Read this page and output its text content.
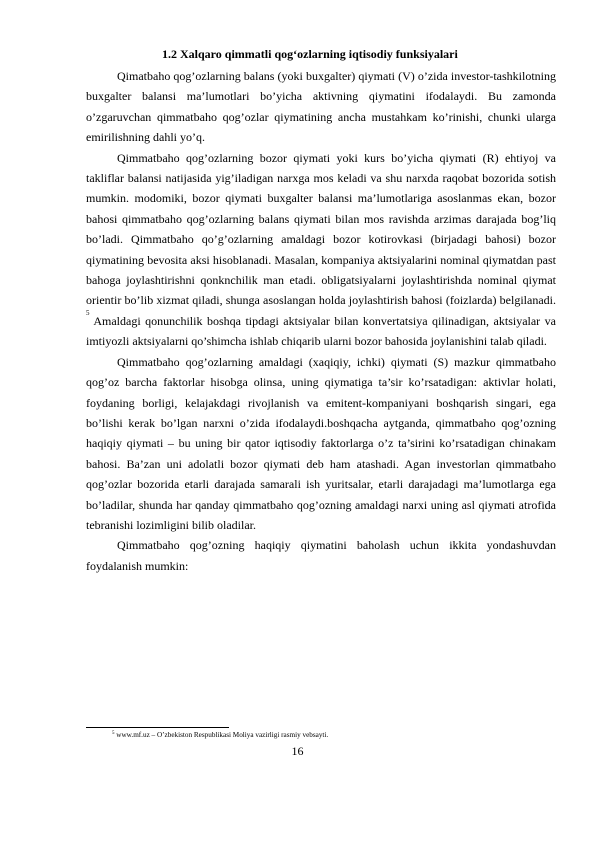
1.2 Xalqaro qimmatli qog‘ozlarning iqtisodiy funksiyalari

Qimatbaho qog’ozlarning balans (yoki buxgalter) qiymati (V) o’zida investor-tashkilotning buxgalter balansi ma’lumotlari bo’yicha aktivning qiymatini ifodalaydi. Bu zamonda o’zgaruvchan qimmatbaho qog’ozlar qiymatining ancha mustahkam ko’rinishi, chunki ularga emirilishning dahli yo’q.

Qimmatbaho qog’ozlarning bozor qiymati yoki kurs bo’yicha qiymati (R) ehtiyoj va takliflar balansi natijasida yig’iladigan narxga mos keladi va shu narxda raqobat bozorida sotish mumkin. modomiki, bozor qiymati buxgalter balansi ma’lumotlariga asoslanmas ekan, bozor bahosi qimmatbaho qog’ozlarning balans qiymati bilan mos ravishda arzimas darajada bog’liq bo’ladi. Qimmatbaho qo’g’ozlarning amaldagi bozor kotirovkasi (birjadagi bahosi) bozor qiymatining bevosita aksi hisoblanadi. Masalan, kompaniya aktsiyalarini nominal qiymatdan past bahoga joylashtirishni qonknchilik man etadi. obligatsiyalarni joylashtirishda nominal qiymat orientir bo’lib xizmat qiladi, shunga asoslangan holda joylashtirish bahosi (foizlarda) belgilanadi. $^5$ Amaldagi qonunchilik boshqa tipdagi aktsiyalar bilan konvertatsiya qilinadigan, aktsiyalar va imtiyozli aktsiyalarni qo’shimcha ishlab chiqarib ularni bozor bahosida joylanishini talab qiladi.

Qimmatbaho qog’ozlarning amaldagi (xaqiqiy, ichki) qiymati (S) mazkur qimmatbaho qog’oz barcha faktorlar hisobga olinsa, uning qiymatiga ta’sir ko’rsatadigan: aktivlar holati, foydaning borligi, kelajakdagi rivojlanish va emitent-kompaniyani boshqarish singari, ega bo’lishi kerak bo’lgan narxni o’zida ifodalaydi.boshqacha aytganda, qimmatbaho qog’ozning haqiqiy qiymati – bu uning bir qator iqtisodiy faktorlarga o’z ta’sirini ko’rsatadigan chinakam bahosi. Ba’zan uni adolatli bozor qiymati deb ham atashadi. Agan investorlan qimmatbaho qog’ozlar bozorida etarli darajada samarali ish yuritsalar, etarli darajadagi ma’lumotlarga ega bo’ladilar, shunda har qanday qimmatbaho qog’ozning amaldagi narxi uning asl qiymati atrofida tebranishi lozimligini bilib oladilar.

Qimmatbaho qog’ozning haqiqiy qiymatini baholash uchun ikkita yondashuvdan foydalanish mumkin:

$^5$ www.mf.uz – O’zbekiston Respublikasi Moliya vazirligi rasmiy vebsayti.
16
